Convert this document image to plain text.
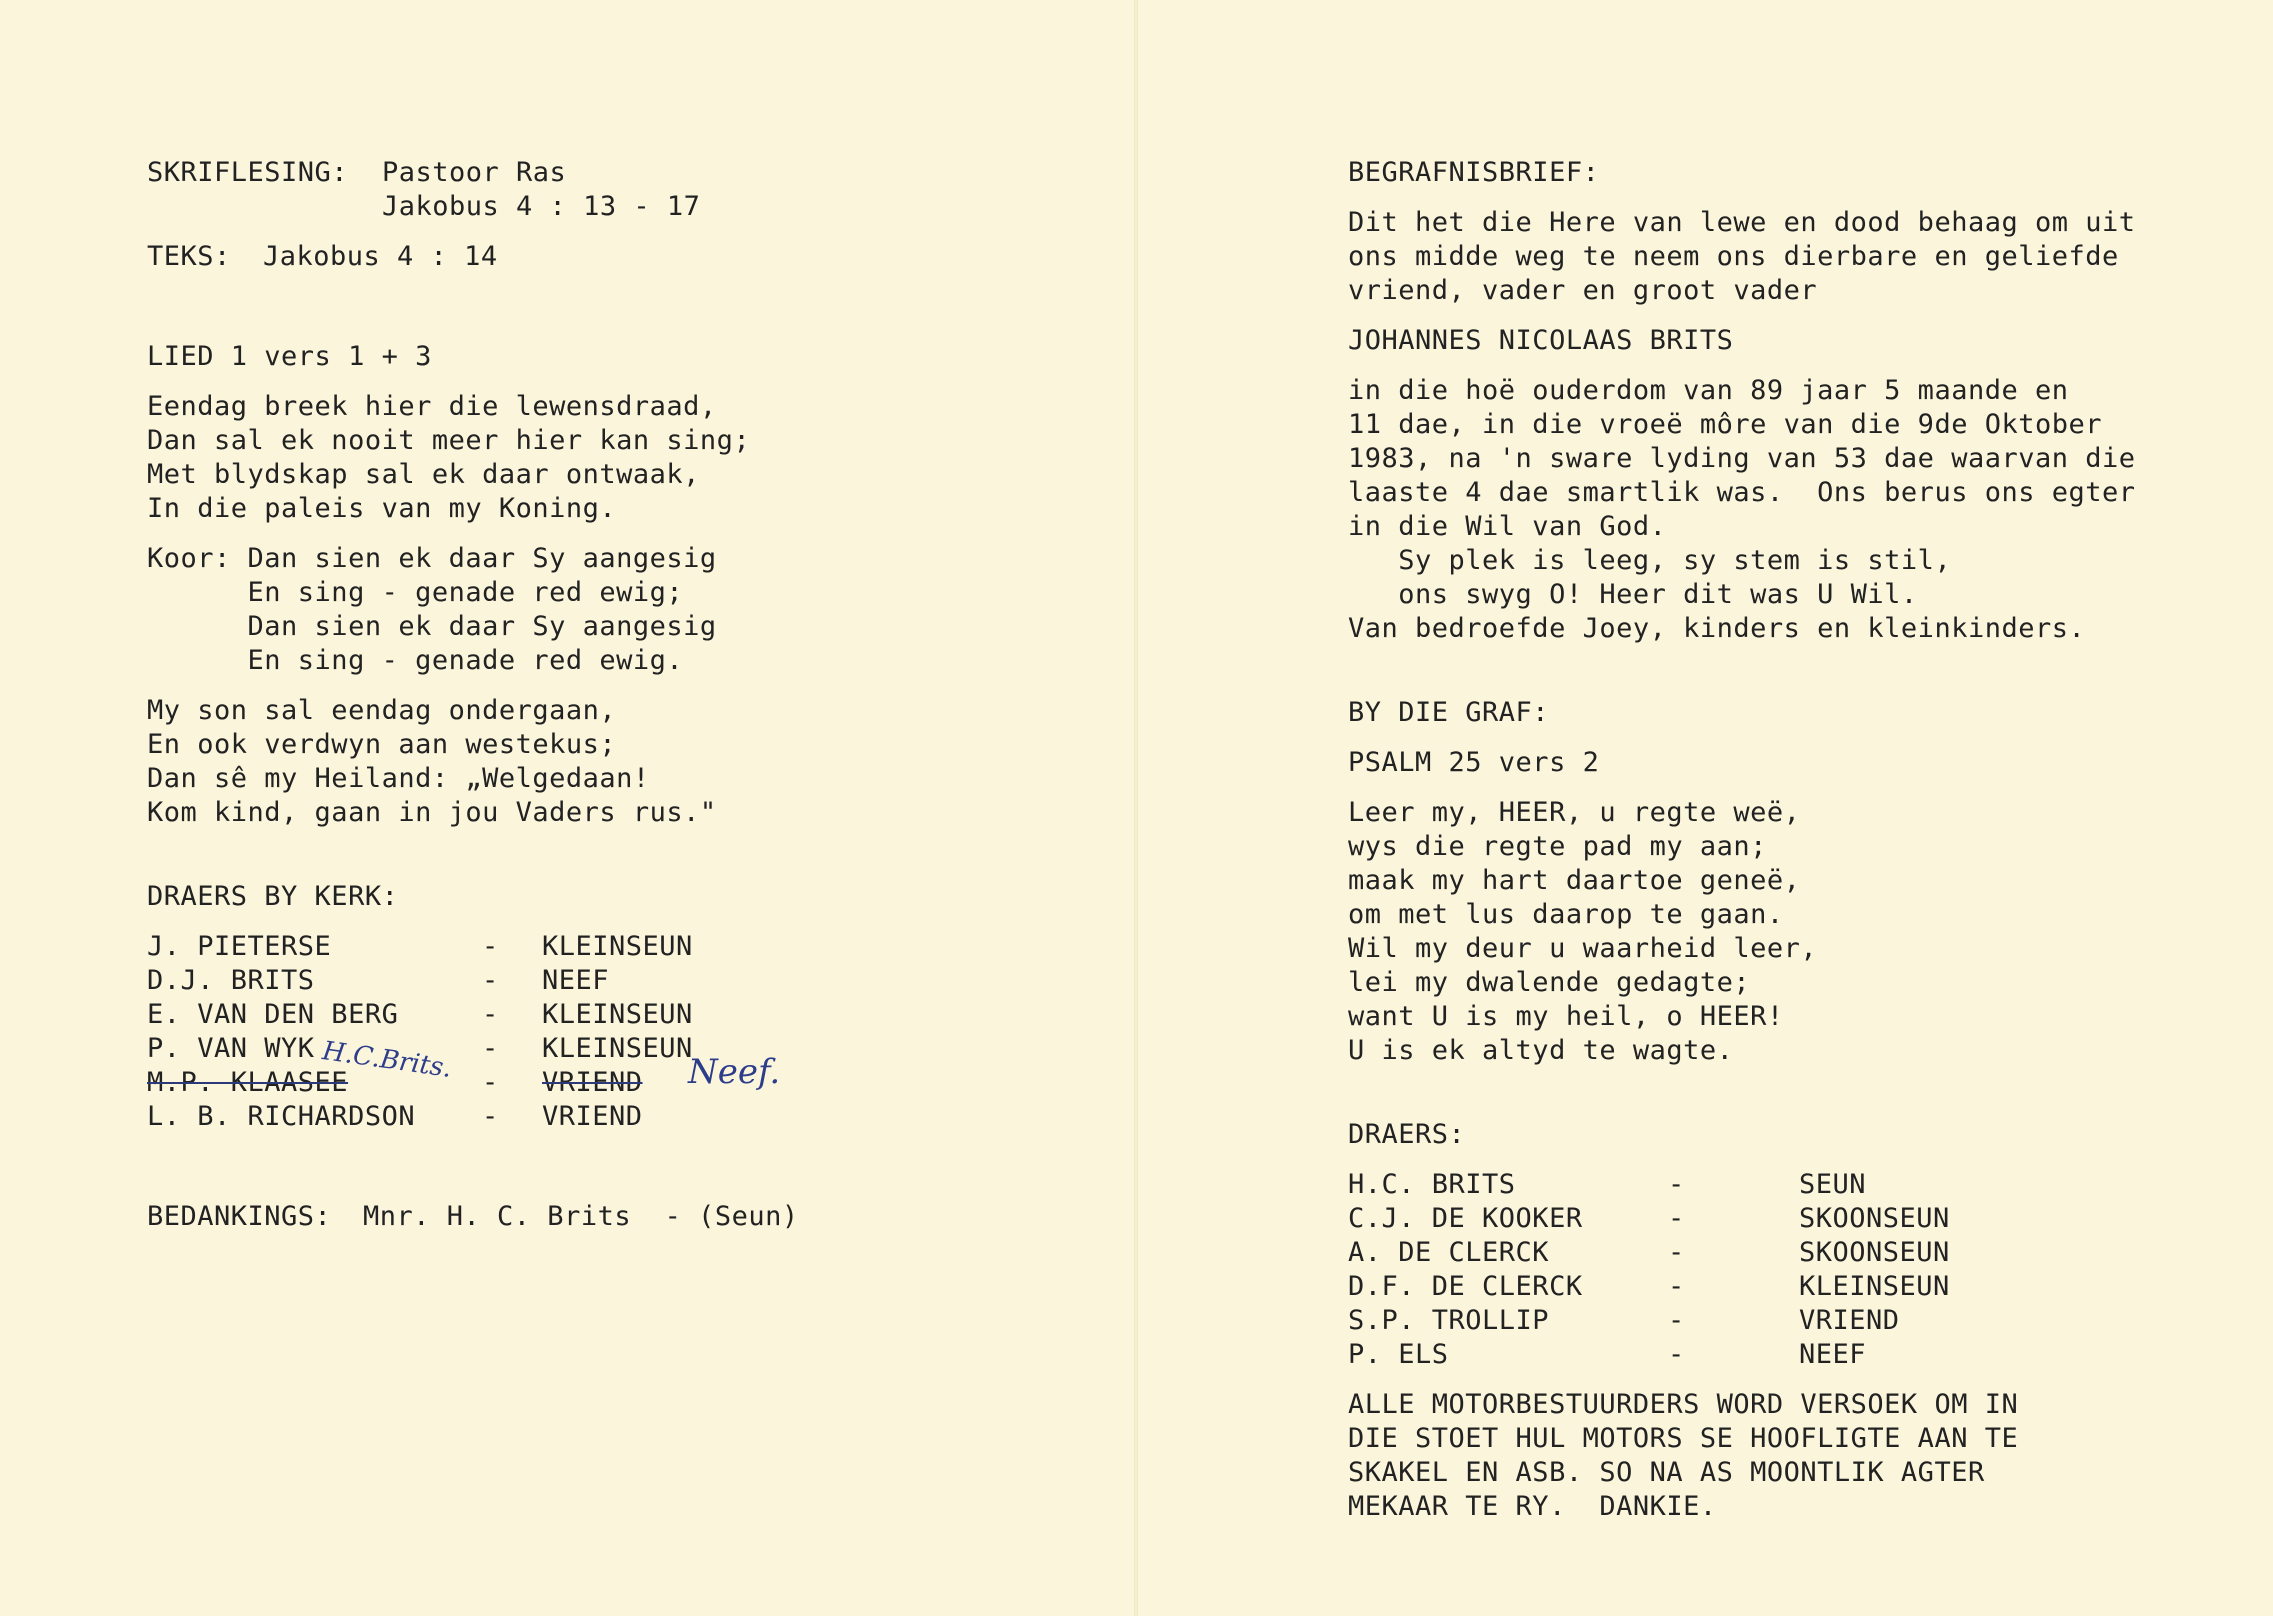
SKRIFLESING:	Pastoor Ras
Jakobus 4 : 13 - 17
TEKS:	Jakobus 4 : 14

LIED 1 vers 1 + 3

Eendag breek hier die lewensdraad,

Dan sal ek nooit meer hier kan sing;

Met blydskap sal ek daar ontwaak,

In die paleis van my Koning.

Koor: Dan sien ek daar Sy aangesig

En sing - genade red ewig;

Dan sien ek daar Sy aangesig

En sing - genade red ewig.

My son sal eendag ondergaan,

En ook verdwyn aan westekus;

Dan sê my Heiland: „Welgedaan!

Kom kind, gaan in jou Vaders rus."

DRAERS BY KERK:

J. PIETERSE	-	KLEINSEUN
D.J. BRITS	-	NEEF
E. VAN DEN BERG	-	KLEINSEUN
P. VAN WYK	-	KLEINSEUN
M.P. KLAASEE	-	VRIEND
L. B. RICHARDSON	-	VRIEND
BEDANKINGS:	Mnr. H. C. Brits  - (Seun)
H.C.Brits.	Neef.

BEGRAFNISBRIEF:

Dit het die Here van lewe en dood behaag om uit

ons midde weg te neem ons dierbare en geliefde

vriend, vader en groot vader

JOHANNES NICOLAAS BRITS

in die hoë ouderdom van 89 jaar 5 maande en

11 dae, in die vroeë môre van die 9de Oktober

1983, na 'n sware lyding van 53 dae waarvan die

laaste 4 dae smartlik was.  Ons berus ons egter

in die Wil van God.

Sy plek is leeg, sy stem is stil,

ons swyg O! Heer dit was U Wil.

Van bedroefde Joey, kinders en kleinkinders.

BY DIE GRAF:

PSALM 25 vers 2

Leer my, HEER, u regte weë,

wys die regte pad my aan;

maak my hart daartoe geneë,

om met lus daarop te gaan.

Wil my deur u waarheid leer,

lei my dwalende gedagte;

want U is my heil, o HEER!

U is ek altyd te wagte.

DRAERS:

H.C. BRITS	-	SEUN
C.J. DE KOOKER	-	SKOONSEUN
A. DE CLERCK	-	SKOONSEUN
D.F. DE CLERCK	-	KLEINSEUN
S.P. TROLLIP	-	VRIEND
P. ELS	-	NEEF

ALLE MOTORBESTUURDERS WORD VERSOEK OM IN

DIE STOET HUL MOTORS SE HOOFLIGTE AAN TE

SKAKEL EN ASB. SO NA AS MOONTLIK AGTER

MEKAAR TE RY.  DANKIE.
